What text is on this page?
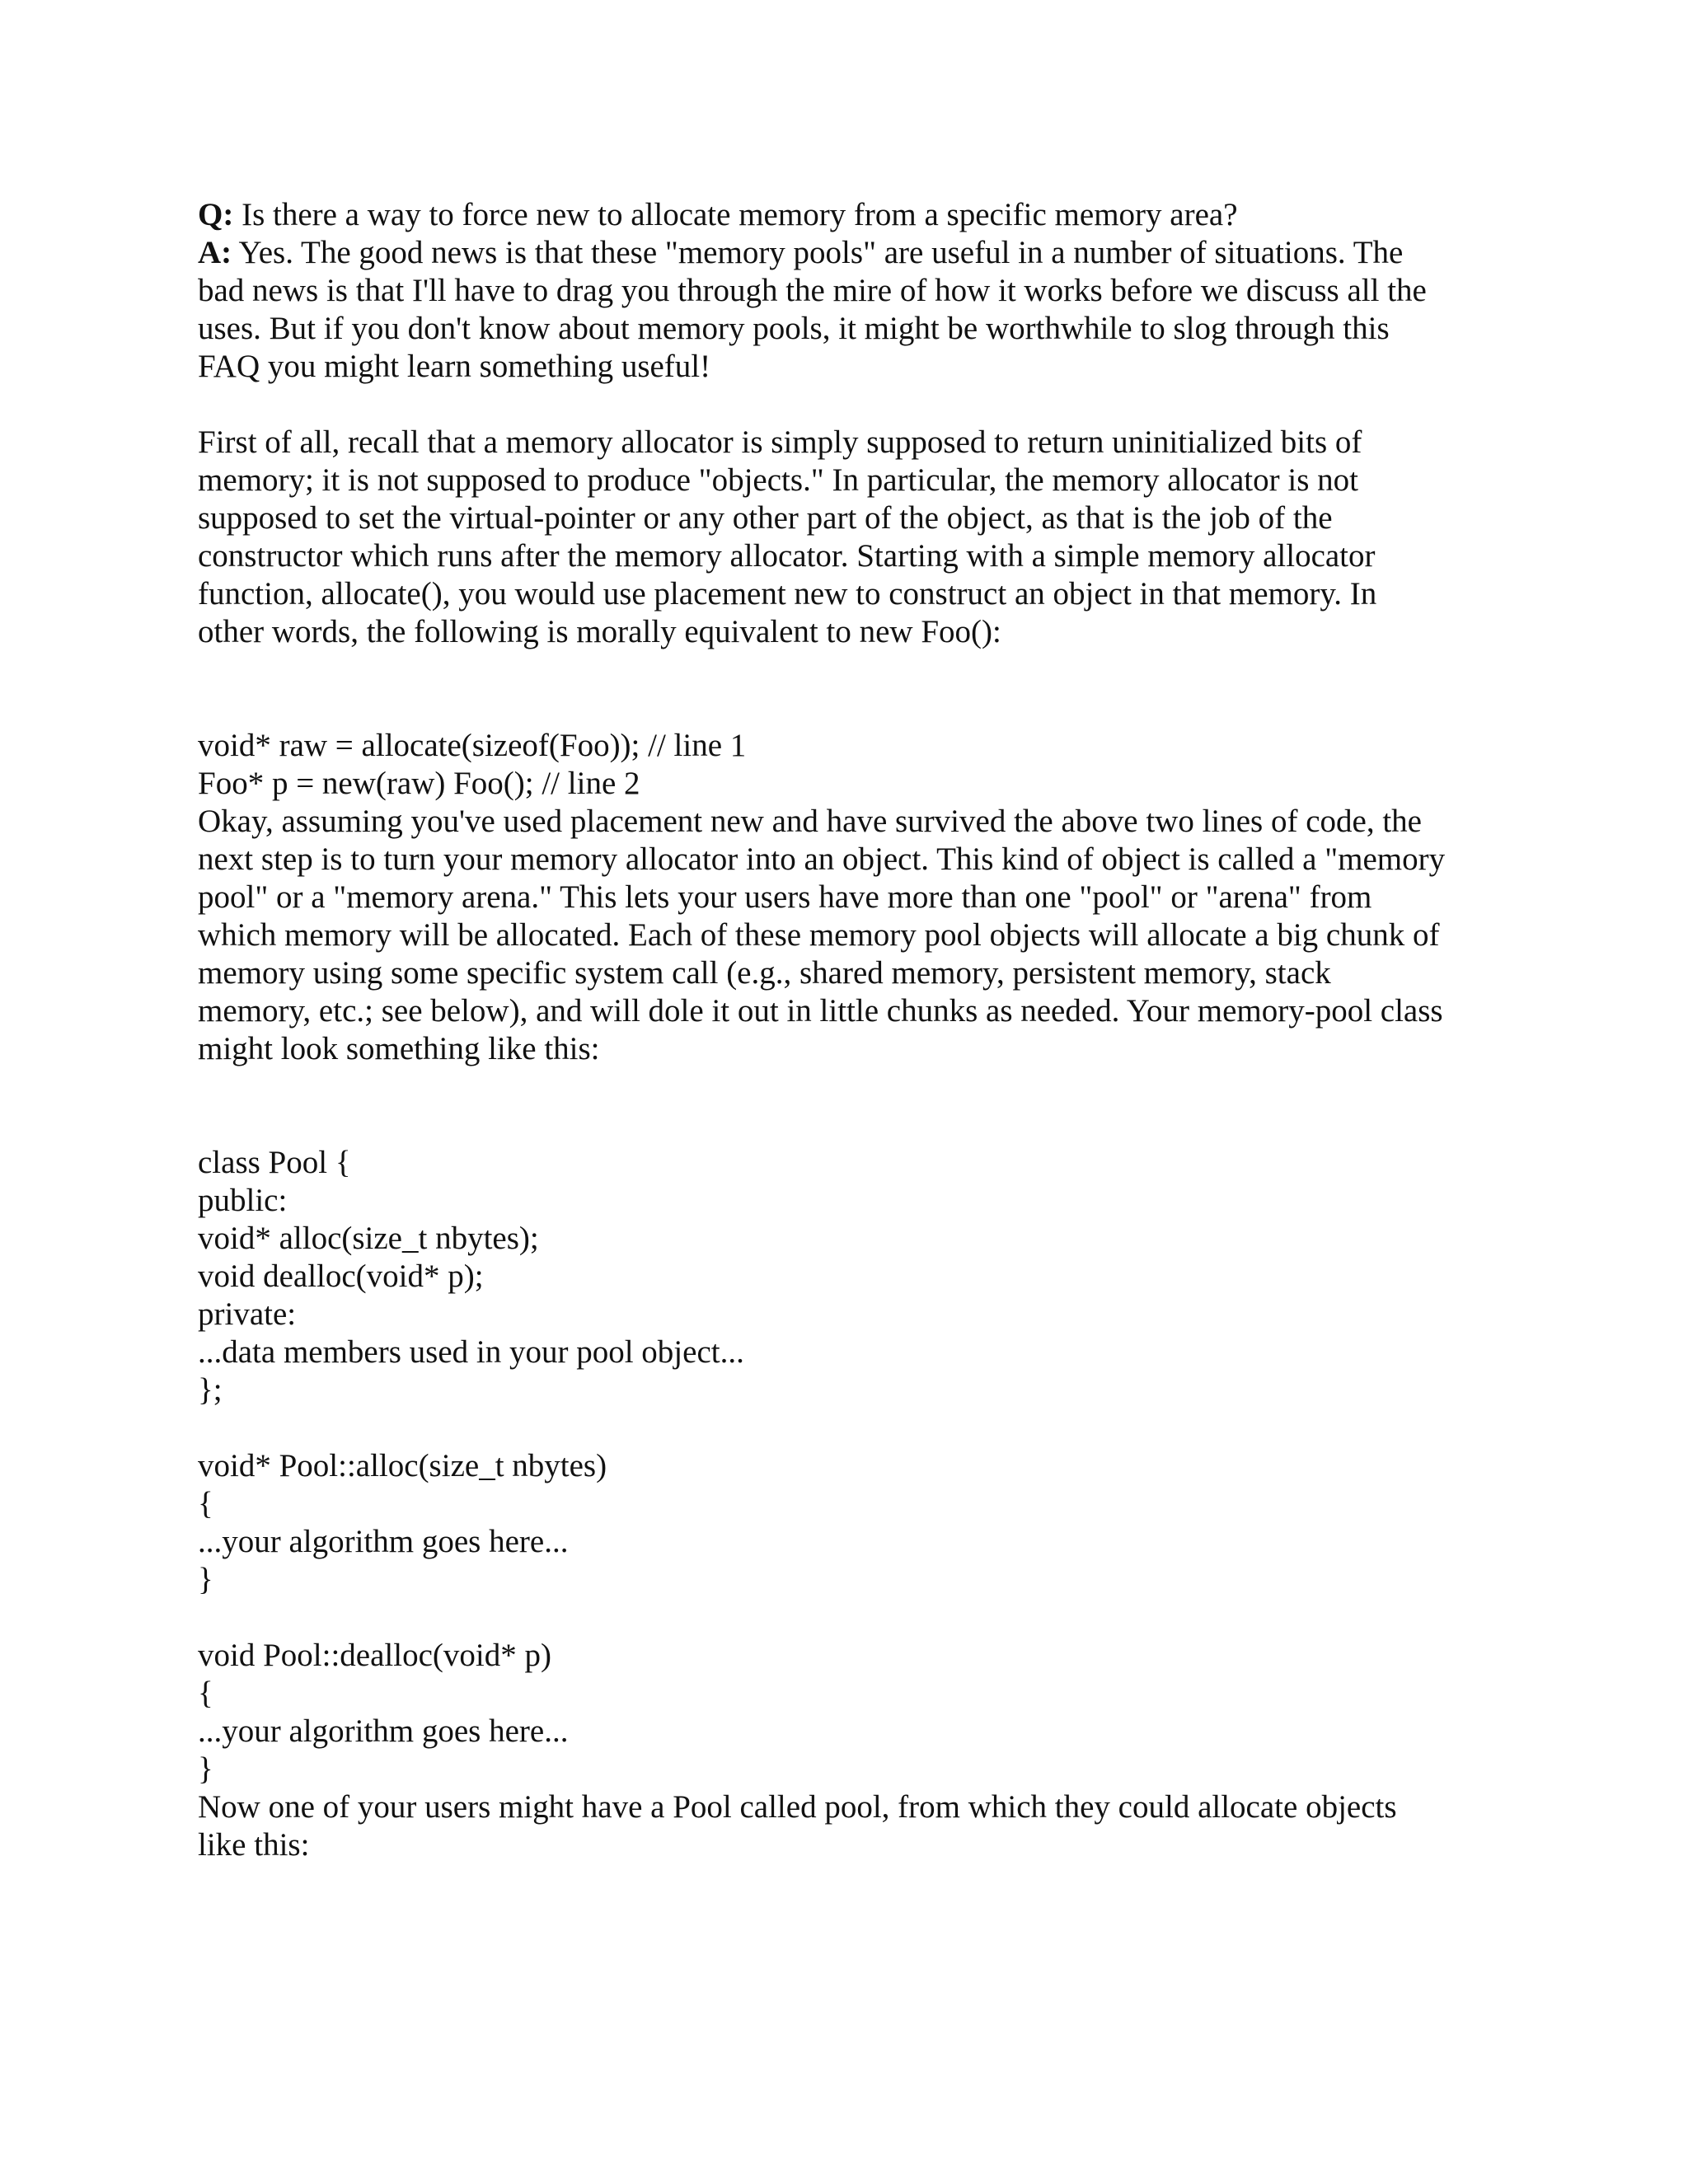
Q: Is there a way to force new to allocate memory from a specific memory area?
A: Yes. The good news is that these "memory pools" are useful in a number of situations. The
bad news is that I'll have to drag you through the mire of how it works before we discuss all the
uses. But if you don't know about memory pools, it might be worthwhile to slog through this
FAQ you might learn something useful!
First of all, recall that a memory allocator is simply supposed to return uninitialized bits of
memory; it is not supposed to produce "objects." In particular, the memory allocator is not
supposed to set the virtual-pointer or any other part of the object, as that is the job of the
constructor which runs after the memory allocator. Starting with a simple memory allocator
function, allocate(), you would use placement new to construct an object in that memory. In
other words, the following is morally equivalent to new Foo():
void* raw = allocate(sizeof(Foo)); // line 1
Foo* p = new(raw) Foo(); // line 2
Okay, assuming you've used placement new and have survived the above two lines of code, the
next step is to turn your memory allocator into an object. This kind of object is called a "memory
pool" or a "memory arena." This lets your users have more than one "pool" or "arena" from
which memory will be allocated. Each of these memory pool objects will allocate a big chunk of
memory using some specific system call (e.g., shared memory, persistent memory, stack
memory, etc.; see below), and will dole it out in little chunks as needed. Your memory-pool class
might look something like this:
class Pool {
public:
void* alloc(size_t nbytes);
void dealloc(void* p);
private:
...data members used in your pool object...
};
void* Pool::alloc(size_t nbytes)
{
...your algorithm goes here...
}
void Pool::dealloc(void* p)
{
...your algorithm goes here...
}
Now one of your users might have a Pool called pool, from which they could allocate objects
like this:
